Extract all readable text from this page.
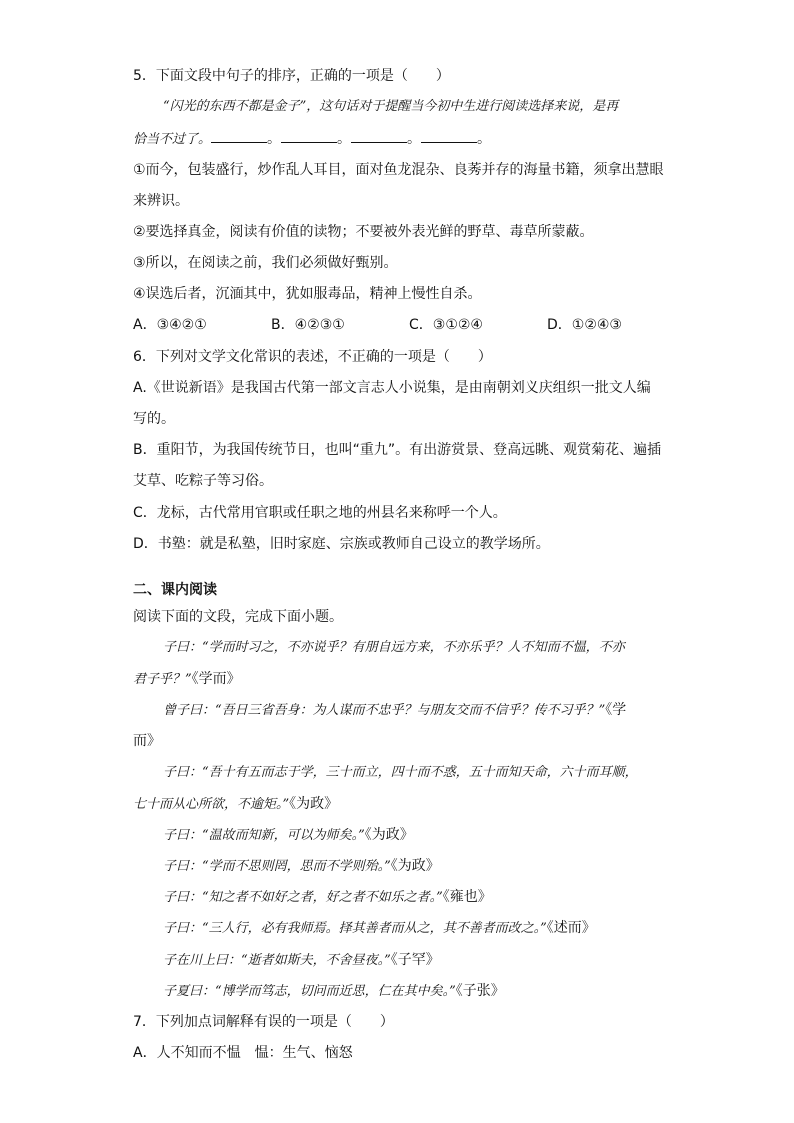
5．下面文段中句子的排序，正确的一项是（　　）
“闪光的东西不都是金子”，这句话对于提醒当今初中生进行阅读选择来说，是再
恰当不过了。	。	。	。	。
①而今，包装盛行，炒作乱人耳目，面对鱼龙混杂、良莠并存的海量书籍，须拿出慧眼
来辨识。
②要选择真金，阅读有价值的读物；不要被外表光鲜的野草、毒草所蒙蔽。
③所以，在阅读之前，我们必须做好甄别。
④误选后者，沉湎其中，犹如服毒品，精神上慢性自杀。
A．③④②①	B．④②③①	C．③①②④	D．①②④③
6．下列对文学文化常识的表述，不正确的一项是（　　）
A.《世说新语》是我国古代第一部文言志人小说集，是由南朝刘义庆组织一批文人编
写的。
B．重阳节，为我国传统节日，也叫“重九”。有出游赏景、登高远眺、观赏菊花、遍插
艾草、吃粽子等习俗。
C．龙标，古代常用官职或任职之地的州县名来称呼一个人。
D．书塾：就是私塾，旧时家庭、宗族或教师自己设立的教学场所。
二、课内阅读
阅读下面的文段，完成下面小题。
子曰：“学而时习之，不亦说乎？有朋自远方来，不亦乐乎？人不知而不愠，不亦
君子乎？”《学而》
曾子曰：“吾日三省吾身：为人谋而不忠乎？与朋友交而不信乎？传不习乎？”《学
而》
子曰：“吾十有五而志于学，三十而立，四十而不惑，五十而知天命，六十而耳顺，
七十而从心所欲，不逾矩。”《为政》
子曰：“温故而知新，可以为师矣。”《为政》
子曰：“学而不思则罔，思而不学则殆。”《为政》
子曰：“知之者不如好之者，好之者不如乐之者。”《雍也》
子曰：“三人行，必有我师焉。择其善者而从之，其不善者而改之。”《述而》
子在川上曰：“逝者如斯夫，不舍昼夜。”《子罕》
子夏曰：“博学而笃志，切问而近思，仁在其中矣。”《子张》
7．下列加点词解释有误的一项是（　　）
A．人不知而不愠　愠：生气、恼怒
